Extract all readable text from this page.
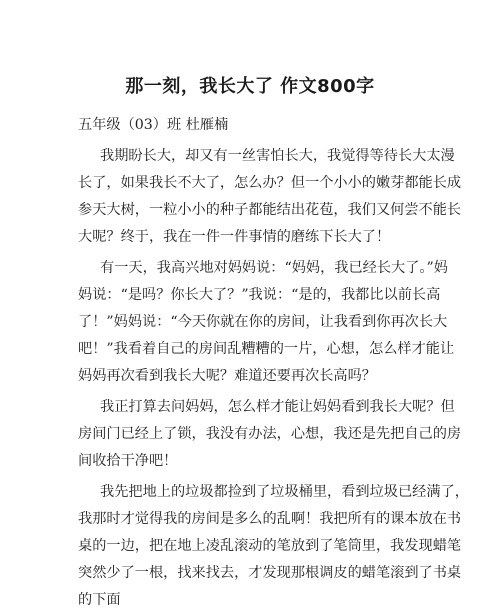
那一刻，我长大了 作文800字
五年级（03）班 杜雁楠
我期盼长大，却又有一丝害怕长大，我觉得等待长大太漫
长了，如果我长不大了，怎么办？但一个小小的嫩芽都能长成
参天大树，一粒小小的种子都能结出花苞，我们又何尝不能长
大呢？终于，我在一件一件事情的磨练下长大了！
有一天，我高兴地对妈妈说：“妈妈，我已经长大了。”妈
妈说：“是吗？你长大了？”我说：“是的，我都比以前长高
了！”妈妈说：“今天你就在你的房间，让我看到你再次长大
吧！”我看着自己的房间乱糟糟的一片，心想，怎么样才能让
妈妈再次看到我长大呢？难道还要再次长高吗？
我正打算去问妈妈，怎么样才能让妈妈看到我长大呢？但
房间门已经上了锁，我没有办法，心想，我还是先把自己的房
间收拾干净吧！
我先把地上的垃圾都捡到了垃圾桶里，看到垃圾已经满了，
我那时才觉得我的房间是多么的乱啊！我把所有的课本放在书
桌的一边，把在地上凌乱滚动的笔放到了笔筒里，我发现蜡笔
突然少了一根，找来找去，才发现那根调皮的蜡笔滚到了书桌
的下面
